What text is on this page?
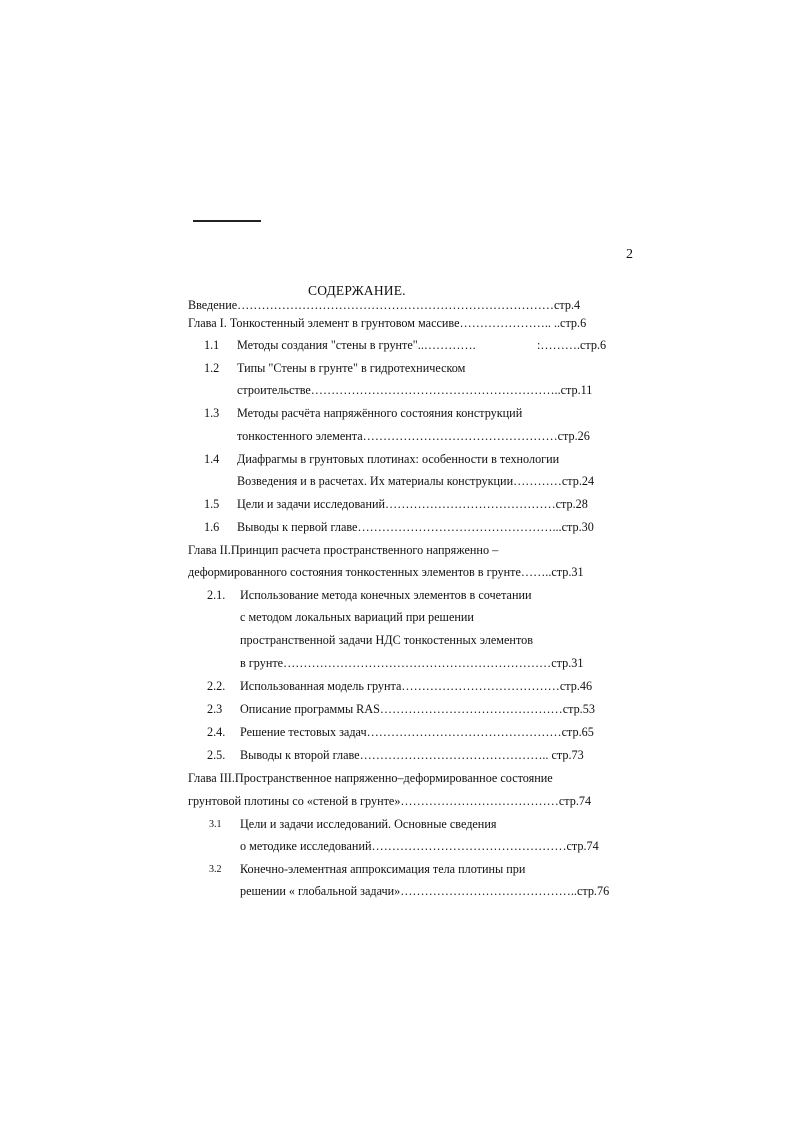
2
СОДЕРЖАНИЕ.
Введение……………………………………………………………………стр.4
Глава I. Тонкостенный элемент в грунтовом массиве………………….. ..стр.6
1.1 Методы создания "стены в грунте"..………….	:……….стр.6
1.2 Типы "Стены в грунте" в гидротехническом
строительстве……………………………………………………..стр.11
1.3 Методы расчёта напряжённого состояния конструкций
тонкостенного элемента…………………………………………стр.26
1.4 Диафрагмы в грунтовых плотинах: особенности в технологии
Возведения и в расчетах. Их материалы конструкции…………стр.24
1.5 Цели и задачи исследований……………………………………стр.28
1.6 Выводы к первой главе…………………………………………...стр.30
Глава II.Принцип расчета пространственного напряженно –
деформированного состояния тонкостенных элементов в грунте……..стр.31
2.1. Использование метода конечных элементов в сочетании
с методом локальных вариаций при решении
пространственной задачи НДС тонкостенных элементов
в грунте…………………………………………………………стр.31
2.2. Использованная модель грунта…………………………………стр.46
2.3 Описание программы RAS………………………………………стр.53
2.4. Решение тестовых задач…………………………………………стр.65
2.5. Выводы к второй главе……………………………………….. стр.73
Глава III.Пространственное напряженно–деформированное состояние
грунтовой плотины со «стеной в грунте»…………………………………стр.74
3.1 Цели и задачи исследований. Основные сведения
о методике исследований…………………………………………стр.74
3.2 Конечно-элементная аппроксимация тела плотины при
решении « глобальной задачи»……………………………………..стр.76
